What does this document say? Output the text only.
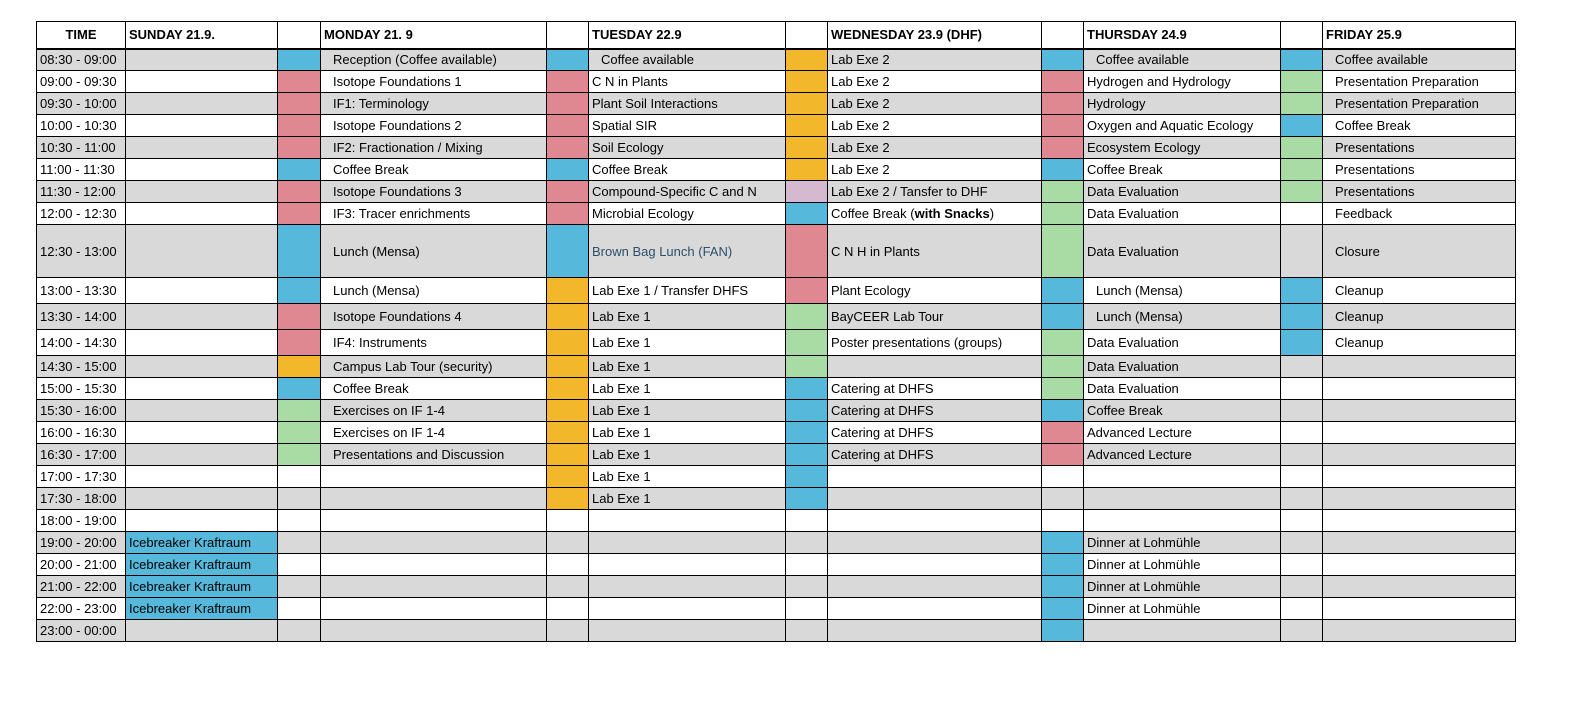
TIME	SUNDAY 21.9.		MONDAY 21. 9		TUESDAY 22.9		WEDNESDAY 23.9 (DHF)		THURSDAY 24.9		FRIDAY 25.9
08:30 - 09:00			Reception (Coffee available)		Coffee available		Lab Exe 2		Coffee available		Coffee available
09:00 - 09:30			Isotope Foundations 1		C N in Plants		Lab Exe 2		Hydrogen and Hydrology		Presentation Preparation
09:30 - 10:00			IF1: Terminology		Plant Soil Interactions		Lab Exe 2		Hydrology		Presentation Preparation
10:00 - 10:30			Isotope Foundations 2		Spatial SIR		Lab Exe 2		Oxygen and Aquatic Ecology		Coffee Break
10:30 - 11:00			IF2: Fractionation / Mixing		Soil Ecology		Lab Exe 2		Ecosystem Ecology		Presentations
11:00 - 11:30			Coffee Break		Coffee Break		Lab Exe 2		Coffee Break		Presentations
11:30 - 12:00			Isotope Foundations 3		Compound-Specific C and N		Lab Exe 2 / Tansfer to DHF		Data Evaluation		Presentations
12:00 - 12:30			IF3: Tracer enrichments		Microbial Ecology		Coffee Break (with Snacks)		Data Evaluation		Feedback
12:30 - 13:00			Lunch (Mensa)		Brown Bag Lunch (FAN)		C N H in Plants		Data Evaluation		Closure
13:00 - 13:30			Lunch (Mensa)		Lab Exe 1 / Transfer DHFS		Plant Ecology		Lunch (Mensa)		Cleanup
13:30 - 14:00			Isotope Foundations 4		Lab Exe 1		BayCEER Lab Tour		Lunch (Mensa)		Cleanup
14:00 - 14:30			IF4: Instruments		Lab Exe 1		Poster presentations (groups)		Data Evaluation		Cleanup
14:30 - 15:00			Campus Lab Tour (security)		Lab Exe 1				Data Evaluation		
15:00 - 15:30			Coffee Break		Lab Exe 1		Catering at DHFS		Data Evaluation		
15:30 - 16:00			Exercises on IF 1-4		Lab Exe 1		Catering at DHFS		Coffee Break		
16:00 - 16:30			Exercises on IF 1-4		Lab Exe 1		Catering at DHFS		Advanced Lecture		
16:30 - 17:00			Presentations and Discussion		Lab Exe 1		Catering at DHFS		Advanced Lecture		
17:00 - 17:30					Lab Exe 1						
17:30 - 18:00					Lab Exe 1						
18:00 - 19:00											
19:00 - 20:00	Icebreaker Kraftraum								Dinner at Lohmühle		
20:00 - 21:00	Icebreaker Kraftraum								Dinner at Lohmühle		
21:00 - 22:00	Icebreaker Kraftraum								Dinner at Lohmühle		
22:00 - 23:00	Icebreaker Kraftraum								Dinner at Lohmühle		
23:00 - 00:00											
